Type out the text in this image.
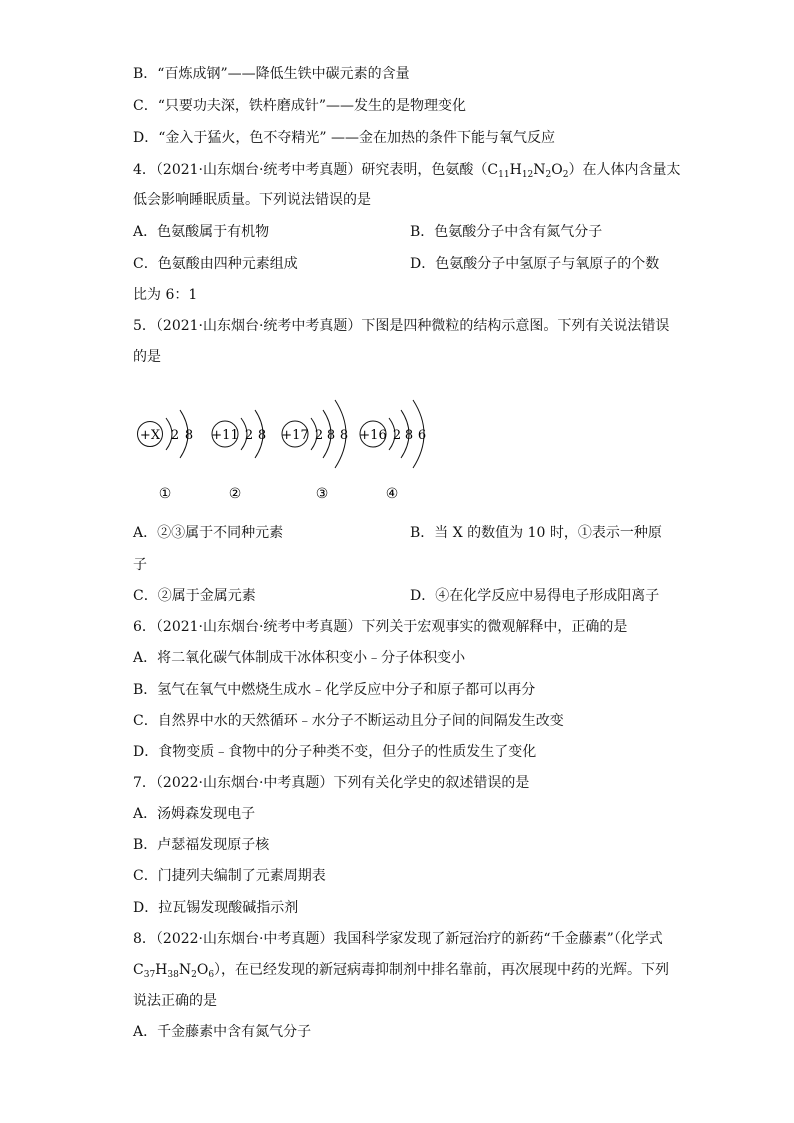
B．“百炼成钢”——降低生铁中碳元素的含量
C．“只要功夫深，铁杵磨成针”——发生的是物理变化
D．“金入于猛火，色不夺精光” ——金在加热的条件下能与氧气反应
4．（2021·山东烟台·统考中考真题）研究表明，色氨酸$(C_{11}H_{12}N_2O_2)$在人体内含量太
低会影响睡眠质量。下列说法错误的是
A．色氨酸属于有机物	B．色氨酸分子中含有氮气分子
C．色氨酸由四种元素组成	D．色氨酸分子中氢原子与氧原子的个数
比为 6：1
5．（2021·山东烟台·统考中考真题）下图是四种微粒的结构示意图。下列有关说法错误
的是
+X 2 8
①
+11 2 8
②
+17 2 8 8
③
+16 2 8 6
④
A．②③属于不同种元素	B．当 X 的数值为 10 时，①表示一种原
子
C．②属于金属元素	D．④在化学反应中易得电子形成阳离子
6．（2021·山东烟台·统考中考真题）下列关于宏观事实的微观解释中，正确的是
A．将二氧化碳气体制成干冰体积变小﹣分子体积变小
B．氢气在氧气中燃烧生成水﹣化学反应中分子和原子都可以再分
C．自然界中水的天然循环﹣水分子不断运动且分子间的间隔发生改变
D．食物变质﹣食物中的分子种类不变，但分子的性质发生了变化
7．（2022·山东烟台·中考真题）下列有关化学史的叙述错误的是
A．汤姆森发现电子
B．卢瑟福发现原子核
C．门捷列夫编制了元素周期表
D．拉瓦锡发现酸碱指示剂
8．（2022·山东烟台·中考真题）我国科学家发现了新冠治疗的新药“千金藤素”（化学式
$C_{37}H_{38}N_2O_6$），在已经发现的新冠病毒抑制剂中排名靠前，再次展现中药的光辉。下列
说法正确的是
A．千金藤素中含有氮气分子
